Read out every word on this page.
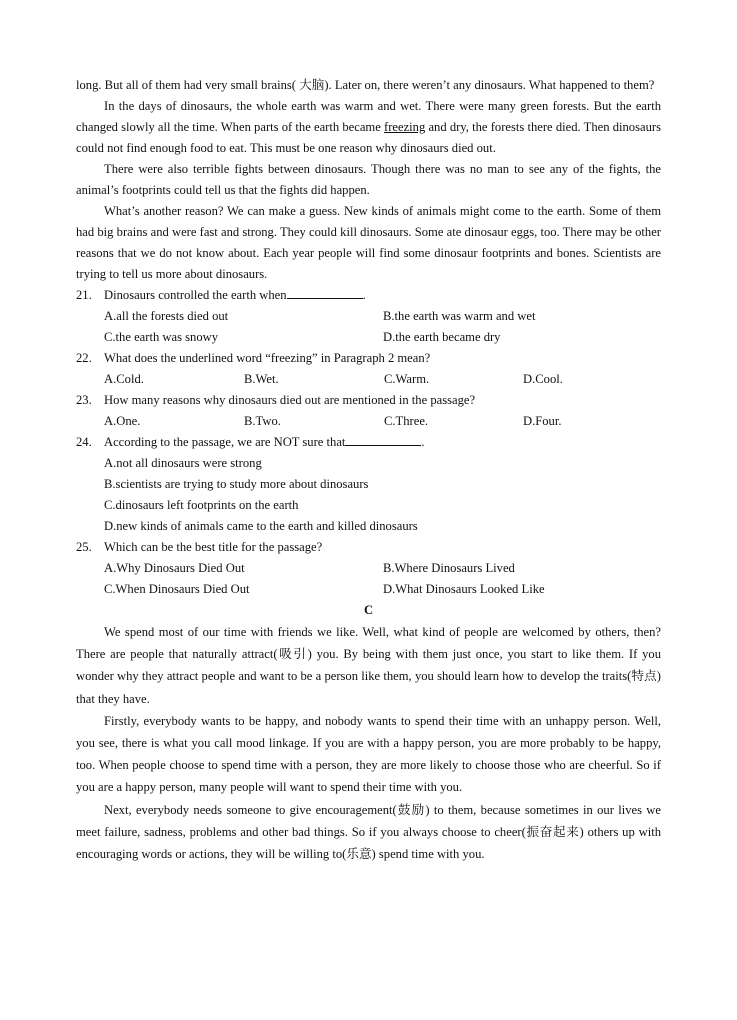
long. But all of them had very small brains( 大脑). Later on, there weren’t any dinosaurs. What happened to them?

In the days of dinosaurs, the whole earth was warm and wet. There were many green forests. But the earth changed slowly all the time. When parts of the earth became freezing and dry, the forests there died. Then dinosaurs could not find enough food to eat. This must be one reason why dinosaurs died out.

There were also terrible fights between dinosaurs. Though there was no man to see any of the fights, the animal’s footprints could tell us that the fights did happen.

What’s another reason? We can make a guess. New kinds of animals might come to the earth. Some of them had big brains and were fast and strong. They could kill dinosaurs. Some ate dinosaur eggs, too. There may be other reasons that we do not know about. Each year people will find some dinosaur footprints and bones. Scientists are trying to tell us more about dinosaurs.

21. Dinosaurs controlled the earth when	.
A.all the forests died out	B.the earth was warm and wet
C.the earth was snowy	D.the earth became dry
22. What does the underlined word “freezing” in Paragraph 2 mean?
A.Cold.	B.Wet.	C.Warm.	D.Cool.
23. How many reasons why dinosaurs died out are mentioned in the passage?
A.One.	B.Two.	C.Three.	D.Four.
24. According to the passage, we are NOT sure that	.
A.not all dinosaurs were strong
B.scientists are trying to study more about dinosaurs
C.dinosaurs left footprints on the earth
D.new kinds of animals came to the earth and killed dinosaurs
25. Which can be the best title for the passage?
A.Why Dinosaurs Died Out	B.Where Dinosaurs Lived
C.When Dinosaurs Died Out	D.What Dinosaurs Looked Like

C

We spend most of our time with friends we like. Well, what kind of people are welcomed by others, then? There are people that naturally attract(吸引) you. By being with them just once, you start to like them. If you wonder why they attract people and want to be a person like them, you should learn how to develop the traits(特点) that they have.

Firstly, everybody wants to be happy, and nobody wants to spend their time with an unhappy person. Well, you see, there is what you call mood linkage. If you are with a happy person, you are more probably to be happy, too. When people choose to spend time with a person, they are more likely to choose those who are cheerful. So if you are a happy person, many people will want to spend their time with you.

Next, everybody needs someone to give encouragement(鼓励) to them, because sometimes in our lives we meet failure, sadness, problems and other bad things. So if you always choose to cheer(振奋起来) others up with encouraging words or actions, they will be willing to(乐意) spend time with you.
